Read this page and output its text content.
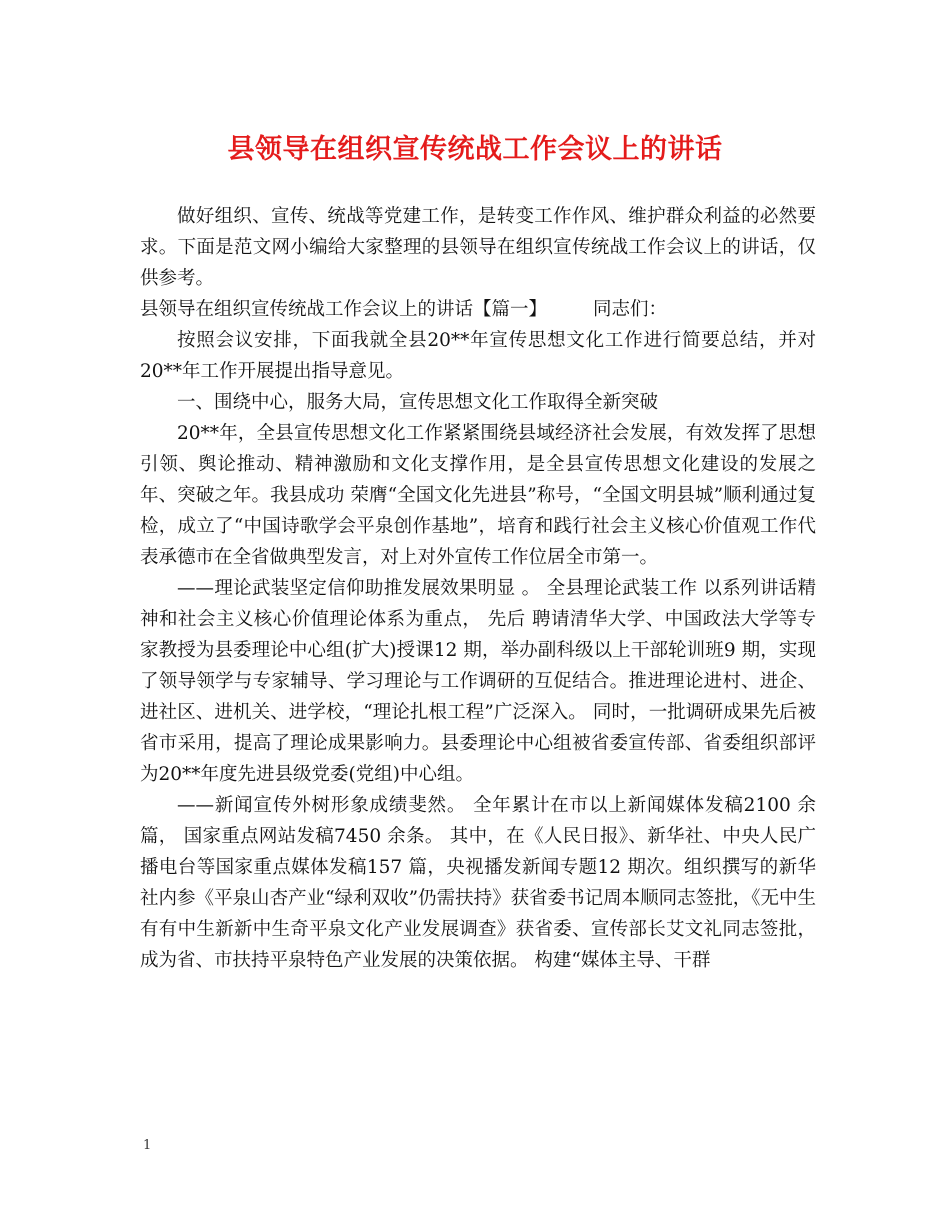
县领导在组织宣传统战工作会议上的讲话

做好组织、宣传、统战等党建工作，是转变工作作风、维护群众利益的必然要求。下面是范文网小编给大家整理的县领导在组织宣传统战工作会议上的讲话，仅供参考。

县领导在组织宣传统战工作会议上的讲话【篇一】 同志们：

按照会议安排，下面我就全县20**年宣传思想文化工作进行简要总结，并对20**年工作开展提出指导意见。

一、围绕中心，服务大局，宣传思想文化工作取得全新突破

20**年，全县宣传思想文化工作紧紧围绕县域经济社会发展，有效发挥了思想引领、舆论推动、精神激励和文化支撑作用，是全县宣传思想文化建设的发展之年、突破之年。我县成功 荣膺“全国文化先进县”称号，“全国文明县城”顺利通过复检，成立了“中国诗歌学会平泉创作基地”，培育和践行社会主义核心价值观工作代表承德市在全省做典型发言，对上对外宣传工作位居全市第一。

——理论武装坚定信仰助推发展效果明显 。 全县理论武装工作 以系列讲话精神和社会主义核心价值理论体系为重点， 先后 聘请清华大学、中国政法大学等专家教授为县委理论中心组(扩大)授课12 期，举办副科级以上干部轮训班9 期，实现了领导领学与专家辅导、学习理论与工作调研的互促结合。推进理论进村、进企、进社区、进机关、进学校，“理论扎根工程”广泛深入。 同时，一批调研成果先后被省市采用，提高了理论成果影响力。县委理论中心组被省委宣传部、省委组织部评为20**年度先进县级党委(党组)中心组。

——新闻宣传外树形象成绩斐然。 全年累计在市以上新闻媒体发稿2100 余篇， 国家重点网站发稿7450 余条。 其中，在《人民日报》、新华社、中央人民广播电台等国家重点媒体发稿157 篇，央视播发新闻专题12 期次。组织撰写的新华社内参《平泉山杏产业“绿利双收”仍需扶持》获省委书记周本顺同志签批，《无中生有有中生新新中生奇平泉文化产业发展调查》获省委、宣传部长艾文礼同志签批，成为省、市扶持平泉特色产业发展的决策依据。 构建“媒体主导、干群

1
